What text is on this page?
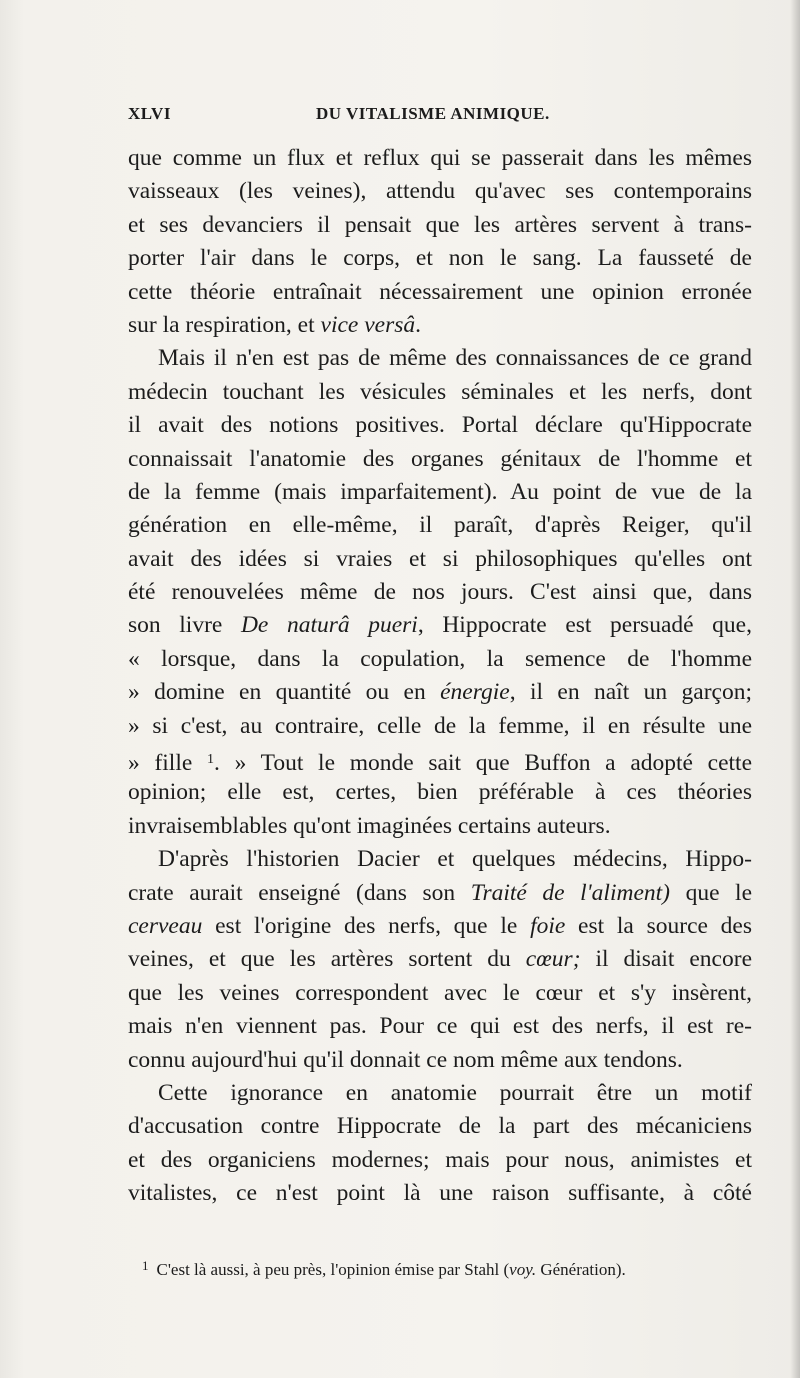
XLVI	DU VITALISME ANIMIQUE.
que comme un flux et reflux qui se passerait dans les mêmes
vaisseaux (les veines), attendu qu'avec ses contemporains
et ses devanciers il pensait que les artères servent à trans-
porter l'air dans le corps, et non le sang. La fausseté de
cette théorie entraînait nécessairement une opinion erronée
sur la respiration, et vice versâ.
Mais il n'en est pas de même des connaissances de ce grand
médecin touchant les vésicules séminales et les nerfs, dont
il avait des notions positives. Portal déclare qu'Hippocrate
connaissait l'anatomie des organes génitaux de l'homme et
de la femme (mais imparfaitement). Au point de vue de la
génération en elle-même, il paraît, d'après Reiger, qu'il
avait des idées si vraies et si philosophiques qu'elles ont
été renouvelées même de nos jours. C'est ainsi que, dans
son livre De naturâ pueri, Hippocrate est persuadé que,
« lorsque, dans la copulation, la semence de l'homme
» domine en quantité ou en énergie, il en naît un garçon;
» si c'est, au contraire, celle de la femme, il en résulte une
» fille $^1$. » Tout le monde sait que Buffon a adopté cette
opinion; elle est, certes, bien préférable à ces théories
invraisemblables qu'ont imaginées certains auteurs.
D'après l'historien Dacier et quelques médecins, Hippo-
crate aurait enseigné (dans son Traité de l'aliment) que le
cerveau est l'origine des nerfs, que le foie est la source des
veines, et que les artères sortent du cœur; il disait encore
que les veines correspondent avec le cœur et s'y insèrent,
mais n'en viennent pas. Pour ce qui est des nerfs, il est re-
connu aujourd'hui qu'il donnait ce nom même aux tendons.
Cette ignorance en anatomie pourrait être un motif
d'accusation contre Hippocrate de la part des mécaniciens
et des organiciens modernes; mais pour nous, animistes et
vitalistes, ce n'est point là une raison suffisante, à côté
$^1$ C'est là aussi, à peu près, l'opinion émise par Stahl (voy. Génération).
